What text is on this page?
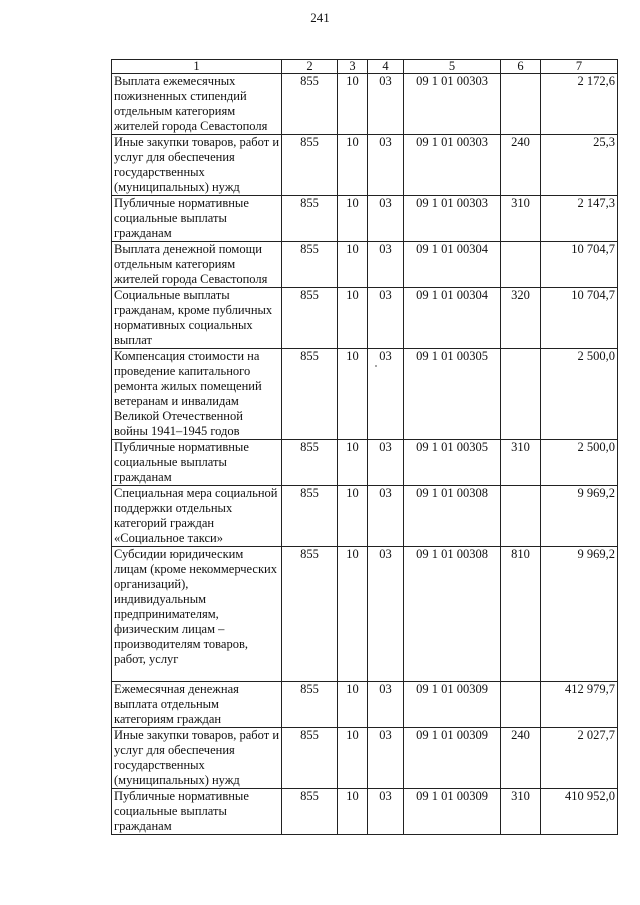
241
1	2	3	4	5	6	7
Выплата ежемесячных пожизненных стипендий отдельным категориям жителей города Севастополя	855	10	03	09 1 01 00303		2 172,6
Иные закупки товаров, работ и услуг для обеспечения государственных (муниципальных) нужд	855	10	03	09 1 01 00303	240	25,3
Публичные нормативные социальные выплаты гражданам	855	10	03	09 1 01 00303	310	2 147,3
Выплата денежной помощи отдельным категориям жителей города Севастополя	855	10	03	09 1 01 00304		10 704,7
Социальные выплаты гражданам, кроме публичных нормативных социальных выплат	855	10	03	09 1 01 00304	320	10 704,7
Компенсация стоимости на проведение капитального ремонта жилых помещений ветеранам и инвалидам Великой Отечественной войны 1941–1945 годов	855	10	03	09 1 01 00305		2 500,0
Публичные нормативные социальные выплаты гражданам	855	10	03	09 1 01 00305	310	2 500,0
Специальная мера социальной поддержки отдельных категорий граждан «Социальное такси»	855	10	03	09 1 01 00308		9 969,2
Субсидии юридическим лицам (кроме некоммерческих организаций), индивидуальным предпринимателям, физическим лицам – производителям товаров, работ, услуг	855	10	03	09 1 01 00308	810	9 969,2
Ежемесячная денежная выплата отдельным категориям граждан	855	10	03	09 1 01 00309		412 979,7
Иные закупки товаров, работ и услуг для обеспечения государственных (муниципальных) нужд	855	10	03	09 1 01 00309	240	2 027,7
Публичные нормативные социальные выплаты гражданам	855	10	03	09 1 01 00309	310	410 952,0
